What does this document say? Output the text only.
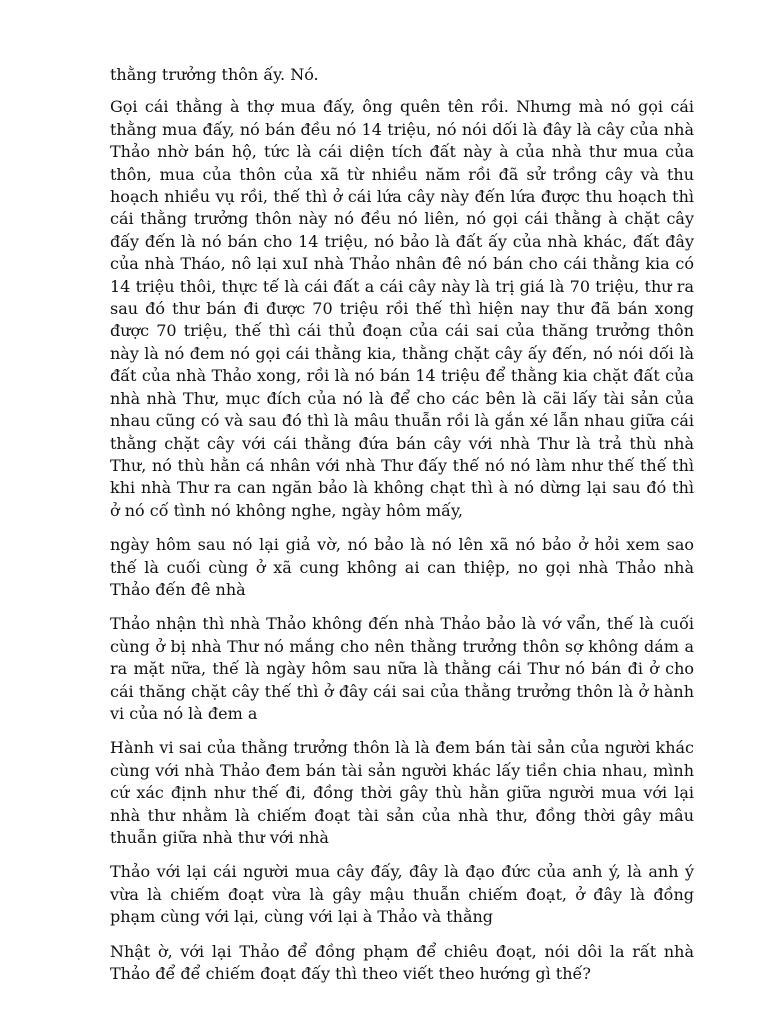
thằng trưởng thôn ấy. Nó.

Gọi cái thằng à thợ mua đấy, ông quên tên rồi. Nhưng mà nó gọi cái thằng mua đấy, nó bán đều nó 14 triệu, nó nói dối là đây là cây của nhà Thảo nhờ bán hộ, tức là cái diện tích đất này à của nhà thư mua của thôn, mua của thôn của xã từ nhiều năm rồi đã sử trồng cây và thu hoạch nhiều vụ rồi, thế thì ở cái lứa cây này đến lứa được thu hoạch thì cái thằng trưởng thôn này nó đều nó liên, nó gọi cái thằng à chặt cây đấy đến là nó bán cho 14 triệu, nó bảo là đất ấy của nhà khác, đất đây của nhà Tháo, nô lại xuI nhà Thảo nhân đê nó bán cho cái thằng kia có 14 triệu thôi, thực tế là cái đất a cái cây này là trị giá là 70 triệu, thư ra sau đó thư bán đi được 70 triệu rồi thế thì hiện nay thư đã bán xong được 70 triệu, thế thì cái thủ đoạn của cái sai của thăng trưởng thôn này là nó đem nó gọi cái thằng kia, thằng chặt cây ấy đến, nó nói dối là đất của nhà Thảo xong, rồi là nó bán 14 triệu để thằng kia chặt đất của nhà nhà Thư, mục đích của nó là để cho các bên là cãi lấy tài sản của nhau cũng có và sau đó thì là mâu thuẫn rồi là gắn xé lẫn nhau giữa cái thằng chặt cây với cái thằng đứa bán cây với nhà Thư là trả thù nhà Thư, nó thù hằn cá nhân với nhà Thư đấy thế nó nó làm như thế thế thì khi nhà Thư ra can ngăn bảo là không chạt thì à nó dừng lại sau đó thì ở nó cố tình nó không nghe, ngày hôm mấy,

ngày hôm sau nó lại giả vờ, nó bảo là nó lên xã nó bảo ở hỏi xem sao thế là cuối cùng ở xã cung không ai can thiệp, no gọi nhà Thảo nhà Thảo đến đê nhà

Thảo nhận thì nhà Thảo không đến nhà Thảo bảo là vớ vẩn, thế là cuối cùng ở bị nhà Thư nó mắng cho nên thằng trưởng thôn sợ không dám a ra mặt nữa, thế là ngày hôm sau nữa là thằng cái Thư nó bán đi ở cho cái thăng chặt cây thế thì ở đây cái sai của thằng trưởng thôn là ở hành vi của nó là đem a

Hành vi sai của thằng trưởng thôn là là đem bán tài sản của người khác cùng với nhà Thảo đem bán tài sản người khác lấy tiền chia nhau, mình cứ xác định như thế đi, đồng thời gây thù hằn giữa người mua với lại nhà thư nhằm là chiếm đoạt tài sản của nhà thư, đồng thời gây mâu thuẫn giữa nhà thư với nhà

Thảo với lại cái người mua cây đấy, đây là đạo đức của anh ý, là anh ý vừa là chiếm đoạt vừa là gây mậu thuẫn chiếm đoạt, ở đây là đồng phạm cùng với lại, cùng với lại à Thảo và thằng

Nhật ờ, với lại Thảo để đồng phạm để chiêu đoạt, nói dôi la rất nhà Thảo để để chiếm đoạt đấy thì theo viết theo hướng gì thế?
